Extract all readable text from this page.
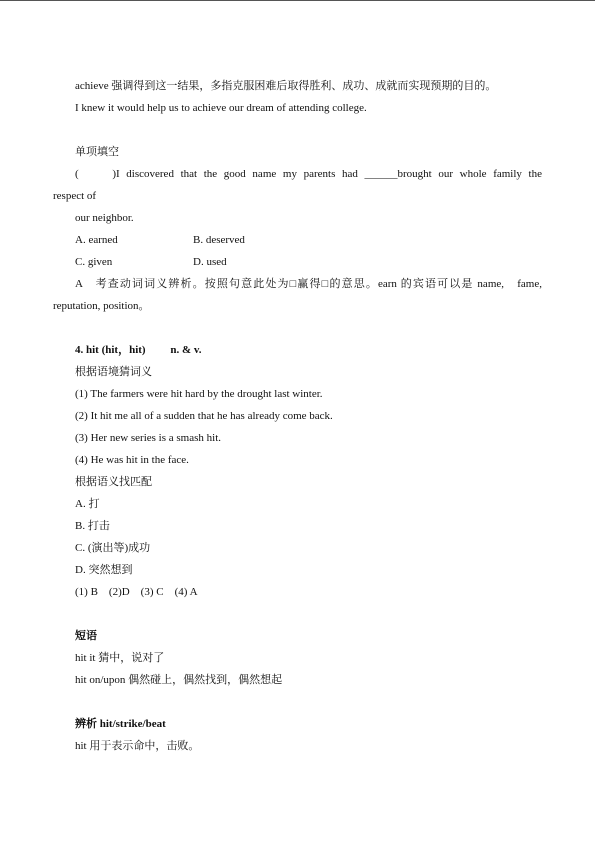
achieve 强调得到这一结果，多指克服困难后取得胜利、成功、成就而实现预期的目的。
I knew it would help us to achieve our dream of attending college.
单项填空
(　　)I discovered that the good name my parents had ______brought our whole family the
respect of
our neighbor.
A. earned	B. deserved
C. given	D. used
A　考查动词词义辨析。按照句意此处为□赢得□的意思。earn 的宾语可以是 name,　fame,
reputation, position。
4. hit (hit，hit)　　 n. & v.
根据语境猜词义
(1) The farmers were hit hard by the drought last winter.
(2) It hit me all of a sudden that he has already come back.
(3) Her new series is a smash hit.
(4) He was hit in the face.
根据语义找匹配
A. 打
B. 打击
C. (演出等)成功
D. 突然想到
(1) B　(2)D　(3) C　(4) A
短语
hit it 猜中，说对了
hit on/upon 偶然碰上，偶然找到，偶然想起
辨析 hit/strike/beat
hit 用于表示命中，击败。
